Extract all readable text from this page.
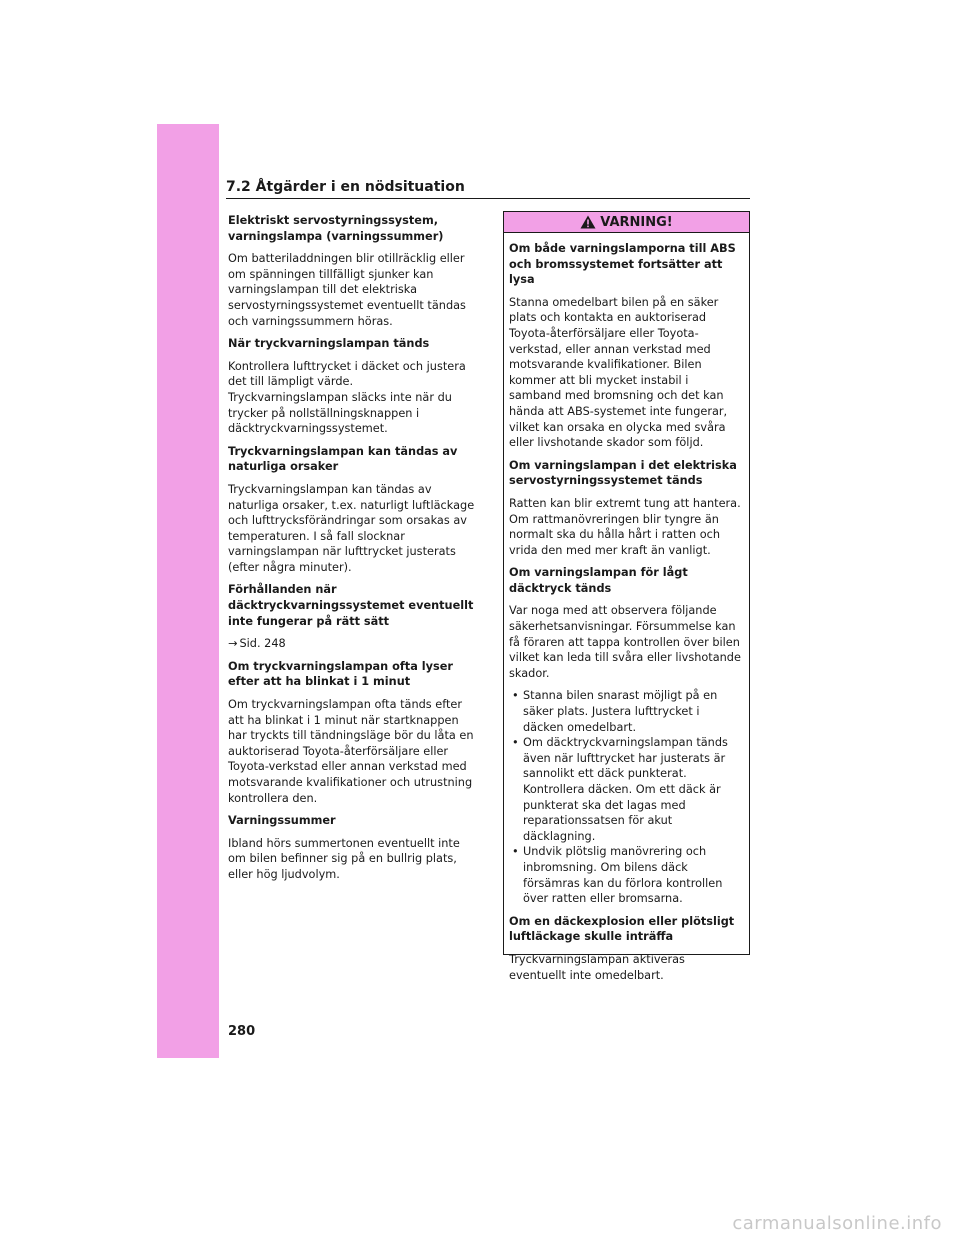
7.2 Åtgärder i en nödsituation
Elektriskt servostyrningssystem, varningslampa (varningssummer)

Om batteriladdningen blir otillräcklig eller om spänningen tillfälligt sjunker kan varningslampan till det elektriska servostyrningssystemet eventuellt tändas och varningssummern höras.

När tryckvarningslampan tänds

Kontrollera lufttrycket i däcket och justera det till lämpligt värde. Tryckvarningslampan släcks inte när du trycker på nollställningsknappen i däcktryckvarningssystemet.

Tryckvarningslampan kan tändas av naturliga orsaker

Tryckvarningslampan kan tändas av naturliga orsaker, t.ex. naturligt luftläckage och lufttrycksförändringar som orsakas av temperaturen. I så fall slocknar varningslampan när lufttrycket justerats (efter några minuter).

Förhållanden när däcktryckvarningssystemet eventuellt inte fungerar på rätt sätt

→ Sid. 248

Om tryckvarningslampan ofta lyser efter att ha blinkat i 1 minut

Om tryckvarningslampan ofta tänds efter att ha blinkat i 1 minut när startknappen har tryckts till tändningsläge bör du låta en auktoriserad Toyota-återförsäljare eller Toyota-verkstad eller annan verkstad med motsvarande kvalifikationer och utrustning kontrollera den.

Varningssummer

Ibland hörs summertonen eventuellt inte om bilen befinner sig på en bullrig plats, eller hög ljudvolym.

VARNING!
Om både varningslamporna till ABS och bromssystemet fortsätter att lysa

Stanna omedelbart bilen på en säker plats och kontakta en auktoriserad Toyota-återförsäljare eller Toyota-verkstad, eller annan verkstad med motsvarande kvalifikationer. Bilen kommer att bli mycket instabil i samband med bromsning och det kan hända att ABS-systemet inte fungerar, vilket kan orsaka en olycka med svåra eller livshotande skador som följd.

Om varningslampan i det elektriska servostyrningssystemet tänds

Ratten kan blir extremt tung att hantera. Om rattmanövreringen blir tyngre än normalt ska du hålla hårt i ratten och vrida den med mer kraft än vanligt.

Om varningslampan för lågt däcktryck tänds

Var noga med att observera följande säkerhetsanvisningar. Försummelse kan få föraren att tappa kontrollen över bilen vilket kan leda till svåra eller livshotande skador.

• Stanna bilen snarast möjligt på en säker plats. Justera lufttrycket i däcken omedelbart.
• Om däcktryckvarningslampan tänds även när lufttrycket har justerats är sannolikt ett däck punkterat. Kontrollera däcken. Om ett däck är punkterat ska det lagas med reparationssatsen för akut däcklagning.
• Undvik plötslig manövrering och inbromsning. Om bilens däck försämras kan du förlora kontrollen över ratten eller bromsarna.
Om en däckexplosion eller plötsligt luftläckage skulle inträffa

Tryckvarningslampan aktiveras eventuellt inte omedelbart.

280
carmanualsonline.info
